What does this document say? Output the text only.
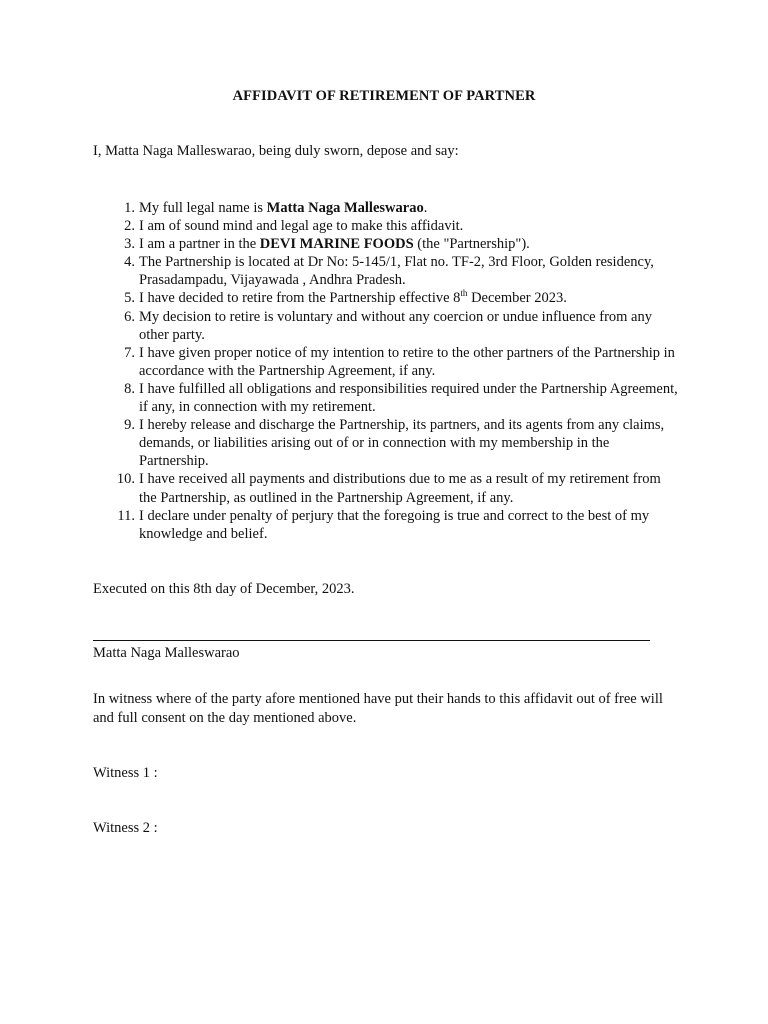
AFFIDAVIT OF RETIREMENT OF PARTNER
I, Matta Naga Malleswarao, being duly sworn, depose and say:
1. My full legal name is Matta Naga Malleswarao.
2. I am of sound mind and legal age to make this affidavit.
3. I am a partner in the DEVI MARINE FOODS (the "Partnership").
4. The Partnership is located at Dr No: 5-145/1, Flat no. TF-2, 3rd Floor, Golden residency, Prasadampadu, Vijayawada , Andhra Pradesh.
5. I have decided to retire from the Partnership effective 8th December 2023.
6. My decision to retire is voluntary and without any coercion or undue influence from any other party.
7. I have given proper notice of my intention to retire to the other partners of the Partnership in accordance with the Partnership Agreement, if any.
8. I have fulfilled all obligations and responsibilities required under the Partnership Agreement, if any, in connection with my retirement.
9. I hereby release and discharge the Partnership, its partners, and its agents from any claims, demands, or liabilities arising out of or in connection with my membership in the Partnership.
10. I have received all payments and distributions due to me as a result of my retirement from the Partnership, as outlined in the Partnership Agreement, if any.
11. I declare under penalty of perjury that the foregoing is true and correct to the best of my knowledge and belief.
Executed on this 8th day of December, 2023.
Matta Naga Malleswarao
In witness where of the party afore mentioned have put their hands to this affidavit out of free will and full consent on the day mentioned above.
Witness 1 :
Witness 2 :
